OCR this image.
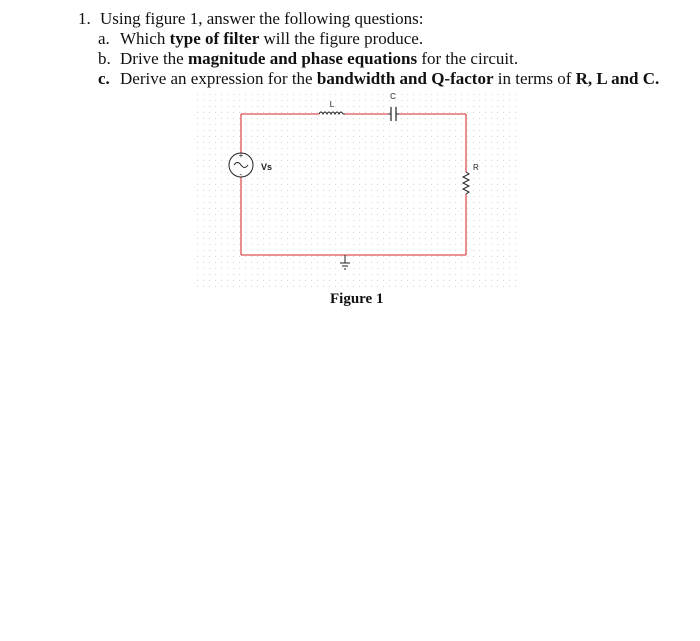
1. Using figure 1, answer the following questions:
a. Which type of filter will the figure produce.
b. Drive the magnitude and phase equations for the circuit.
c. Derive an expression for the bandwidth and Q-factor in terms of R, L and C.
+
-
Vs
L
C
R
Figure 1
